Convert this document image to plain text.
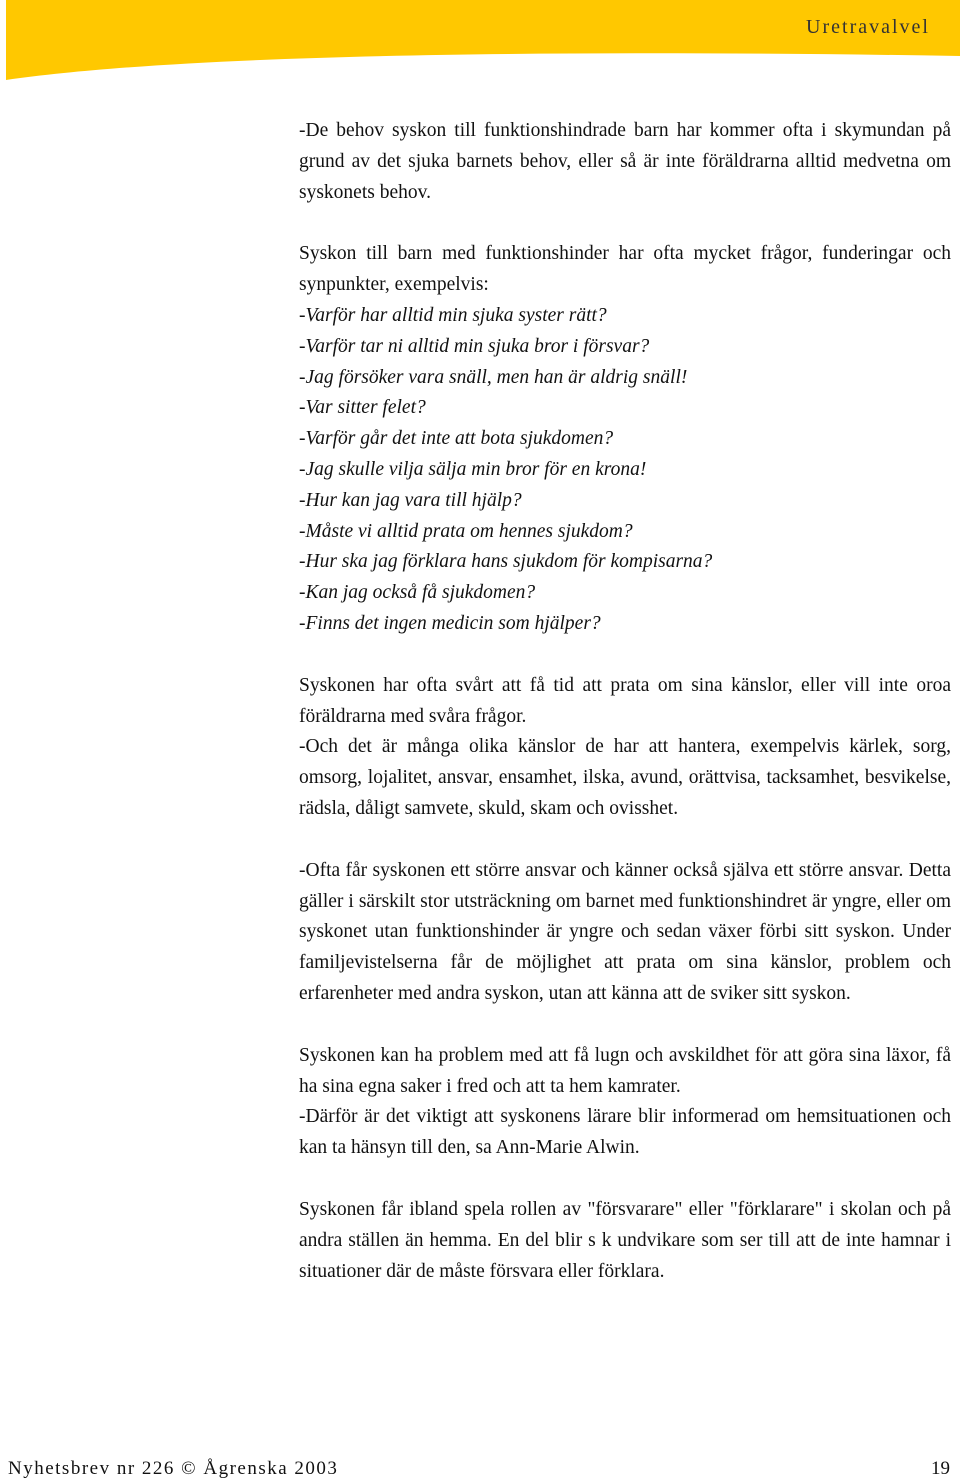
Uretravalvel

-De behov syskon till funktionshindrade barn har kommer ofta i skymundan på grund av det sjuka barnets behov, eller så är inte föräldrarna alltid medvetna om syskonets behov.

Syskon till barn med funktionshinder har ofta mycket frågor, funderingar och synpunkter, exempelvis:

-Varför har alltid min sjuka syster rätt?

-Varför tar ni alltid min sjuka bror i försvar?

-Jag försöker vara snäll, men han är aldrig snäll!

-Var sitter felet?

-Varför går det inte att bota sjukdomen?

-Jag skulle vilja sälja min bror för en krona!

-Hur kan jag vara till hjälp?

-Måste vi alltid prata om hennes sjukdom?

-Hur ska jag förklara hans sjukdom för kompisarna?

-Kan jag också få sjukdomen?

-Finns det ingen medicin som hjälper?

Syskonen har ofta svårt att få tid att prata om sina känslor, eller vill inte oroa föräldrarna med svåra frågor.

-Och det är många olika känslor de har att hantera, exempelvis kärlek, sorg, omsorg, lojalitet, ansvar, ensamhet, ilska, avund, orättvisa, tacksamhet, besvikelse, rädsla, dåligt samvete, skuld, skam och ovisshet.

-Ofta får syskonen ett större ansvar och känner också själva ett större ansvar. Detta gäller i särskilt stor utsträckning om barnet med funktionshindret är yngre, eller om syskonet utan funktionshinder är yngre och sedan växer förbi sitt syskon. Under familjevistelserna får de möjlighet att prata om sina känslor, problem och erfarenheter med andra syskon, utan att känna att de sviker sitt syskon.

Syskonen kan ha problem med att få lugn och avskildhet för att göra sina läxor, få ha sina egna saker i fred och att ta hem kamrater.

-Därför är det viktigt att syskonens lärare blir informerad om hemsituationen och kan ta hänsyn till den, sa Ann-Marie Alwin.

Syskonen får ibland spela rollen av "försvarare" eller "förklarare" i skolan och på andra ställen än hemma. En del blir s k undvikare som ser till att de inte hamnar i situationer där de måste försvara eller förklara.

Nyhetsbrev nr 226 © Ågrenska 2003	19
